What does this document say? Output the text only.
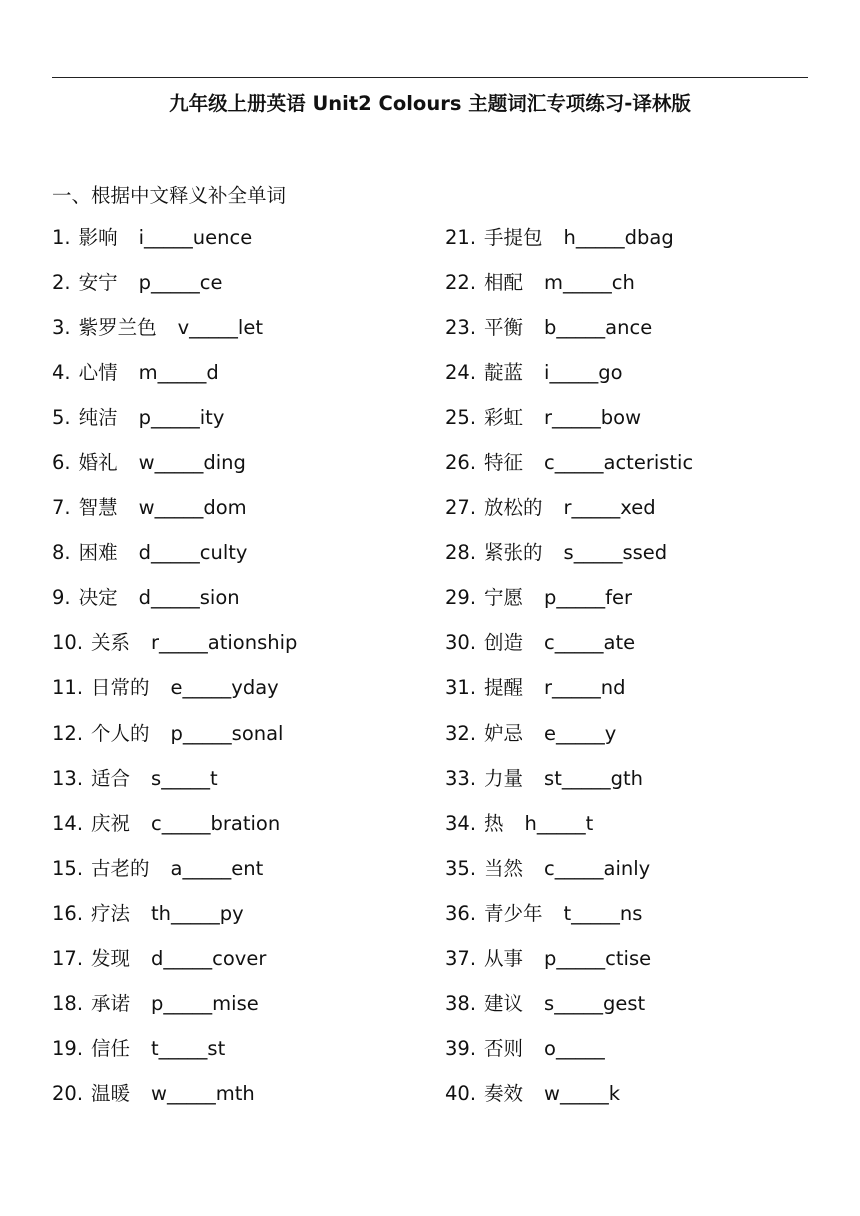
九年级上册英语 Unit2 Colours 主题词汇专项练习-译林版
一、根据中文释义补全单词
1. 影响 i_____uence
2. 安宁 p_____ce
3. 紫罗兰色 v_____let
4. 心情 m_____d
5. 纯洁 p_____ity
6. 婚礼 w_____ding
7. 智慧 w_____dom
8. 困难 d_____culty
9. 决定 d_____sion
10. 关系 r_____ationship
11. 日常的 e_____yday
12. 个人的 p_____sonal
13. 适合 s_____t
14. 庆祝 c_____bration
15. 古老的 a_____ent
16. 疗法 th_____py
17. 发现 d_____cover
18. 承诺 p_____mise
19. 信任 t_____st
20. 温暖 w_____mth
21. 手提包 h_____dbag
22. 相配 m_____ch
23. 平衡 b_____ance
24. 靛蓝 i_____go
25. 彩虹 r_____bow
26. 特征 c_____acteristic
27. 放松的 r_____xed
28. 紧张的 s_____ssed
29. 宁愿 p_____fer
30. 创造 c_____ate
31. 提醒 r_____nd
32. 妒忌 e_____y
33. 力量 st_____gth
34. 热 h_____t
35. 当然 c_____ainly
36. 青少年 t_____ns
37. 从事 p_____ctise
38. 建议 s_____gest
39. 否则 o_____
40. 奏效 w_____k
